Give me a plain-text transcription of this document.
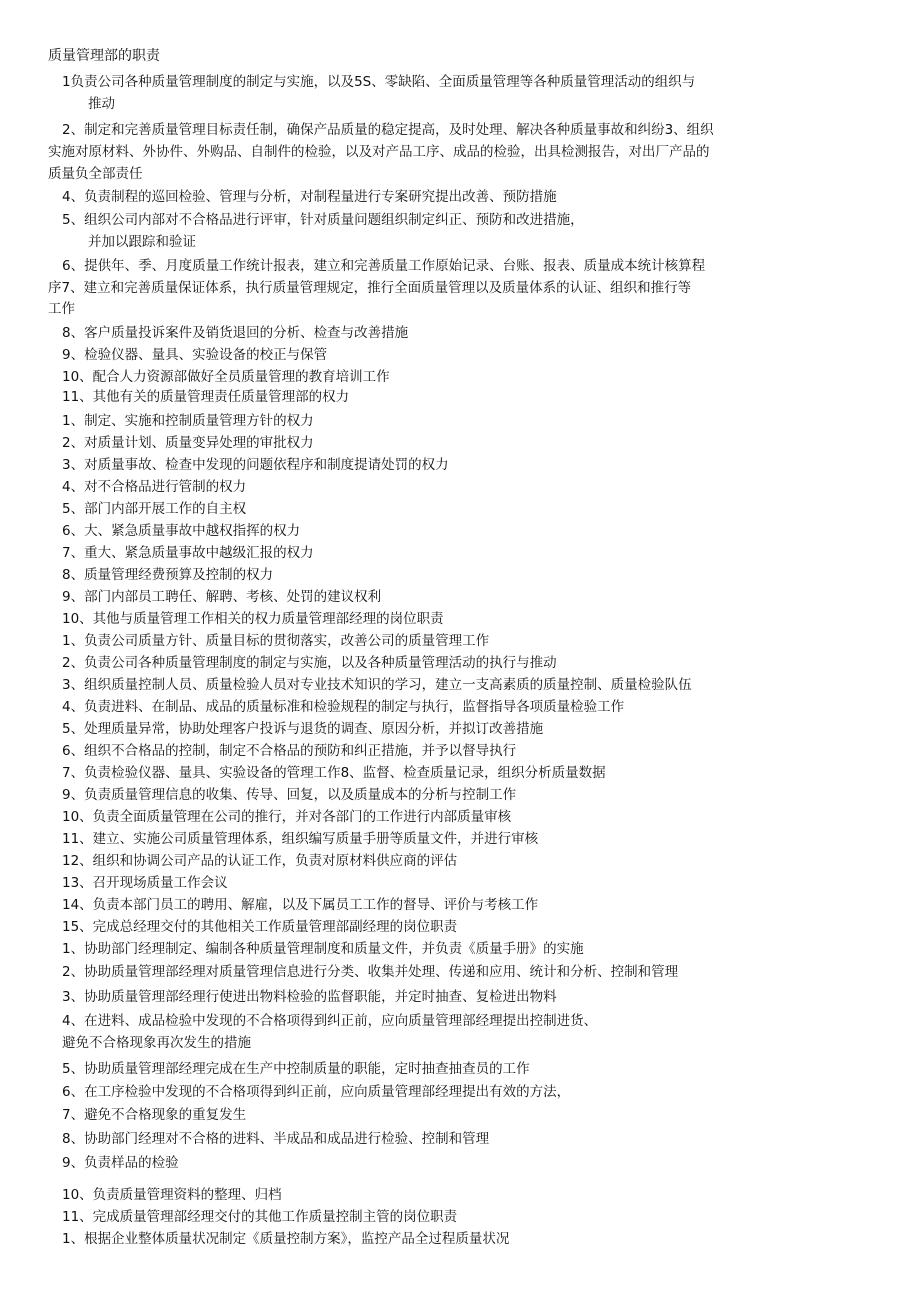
质量管理部的职责
1负责公司各种质量管理制度的制定与实施，以及5S、零缺陷、全面质量管理等各种质量管理活动的组织与
推动
2、制定和完善质量管理目标责任制，确保产品质量的稳定提高，及时处理、解决各种质量事故和纠纷3、组织
实施对原材料、外协件、外购品、自制件的检验，以及对产品工序、成品的检验，出具检测报告，对出厂产品的
质量负全部责任
4、负责制程的巡回检验、管理与分析，对制程量进行专案研究提出改善、预防措施
5、组织公司内部对不合格品进行评审，针对质量问题组织制定纠正、预防和改进措施，
并加以跟踪和验证
6、提供年、季、月度质量工作统计报表，建立和完善质量工作原始记录、台账、报表、质量成本统计核算程
序7、建立和完善质量保证体系，执行质量管理规定，推行全面质量管理以及质量体系的认证、组织和推行等
工作
8、客户质量投诉案件及销货退回的分析、检查与改善措施
9、检验仪器、量具、实验设备的校正与保管
10、配合人力资源部做好全员质量管理的教育培训工作
11、其他有关的质量管理责任质量管理部的权力
1、制定、实施和控制质量管理方针的权力
2、对质量计划、质量变异处理的审批权力
3、对质量事故、检查中发现的问题依程序和制度提请处罚的权力
4、对不合格品进行管制的权力
5、部门内部开展工作的自主权
6、大、紧急质量事故中越权指挥的权力
7、重大、紧急质量事故中越级汇报的权力
8、质量管理经费预算及控制的权力
9、部门内部员工聘任、解聘、考核、处罚的建议权利
10、其他与质量管理工作相关的权力质量管理部经理的岗位职责
1、负责公司质量方针、质量目标的贯彻落实，改善公司的质量管理工作
2、负责公司各种质量管理制度的制定与实施，以及各种质量管理活动的执行与推动
3、组织质量控制人员、质量检验人员对专业技术知识的学习，建立一支高素质的质量控制、质量检验队伍
4、负责进料、在制品、成品的质量标准和检验规程的制定与执行，监督指导各项质量检验工作
5、处理质量异常，协助处理客户投诉与退货的调查、原因分析，并拟订改善措施
6、组织不合格品的控制，制定不合格品的预防和纠正措施，并予以督导执行
7、负责检验仪器、量具、实验设备的管理工作8、监督、检查质量记录，组织分析质量数据
9、负责质量管理信息的收集、传导、回复，以及质量成本的分析与控制工作
10、负责全面质量管理在公司的推行，并对各部门的工作进行内部质量审核
11、建立、实施公司质量管理体系，组织编写质量手册等质量文件，并进行审核
12、组织和协调公司产品的认证工作，负责对原材料供应商的评估
13、召开现场质量工作会议
14、负责本部门员工的聘用、解雇，以及下属员工工作的督导、评价与考核工作
15、完成总经理交付的其他相关工作质量管理部副经理的岗位职责
1、协助部门经理制定、编制各种质量管理制度和质量文件，并负责《质量手册》的实施
2、协助质量管理部经理对质量管理信息进行分类、收集并处理、传递和应用、统计和分析、控制和管理
3、协助质量管理部经理行使进出物料检验的监督职能，并定时抽查、复检进出物料
4、在进料、成品检验中发现的不合格项得到纠正前，应向质量管理部经理提出控制进货、
避免不合格现象再次发生的措施
5、协助质量管理部经理完成在生产中控制质量的职能，定时抽查抽查员的工作
6、在工序检验中发现的不合格项得到纠正前，应向质量管理部经理提出有效的方法，
7、避免不合格现象的重复发生
8、协助部门经理对不合格的进料、半成品和成品进行检验、控制和管理
9、负责样品的检验
10、负责质量管理资料的整理、归档
11、完成质量管理部经理交付的其他工作质量控制主管的岗位职责
1、根据企业整体质量状况制定《质量控制方案》，监控产品全过程质量状况
